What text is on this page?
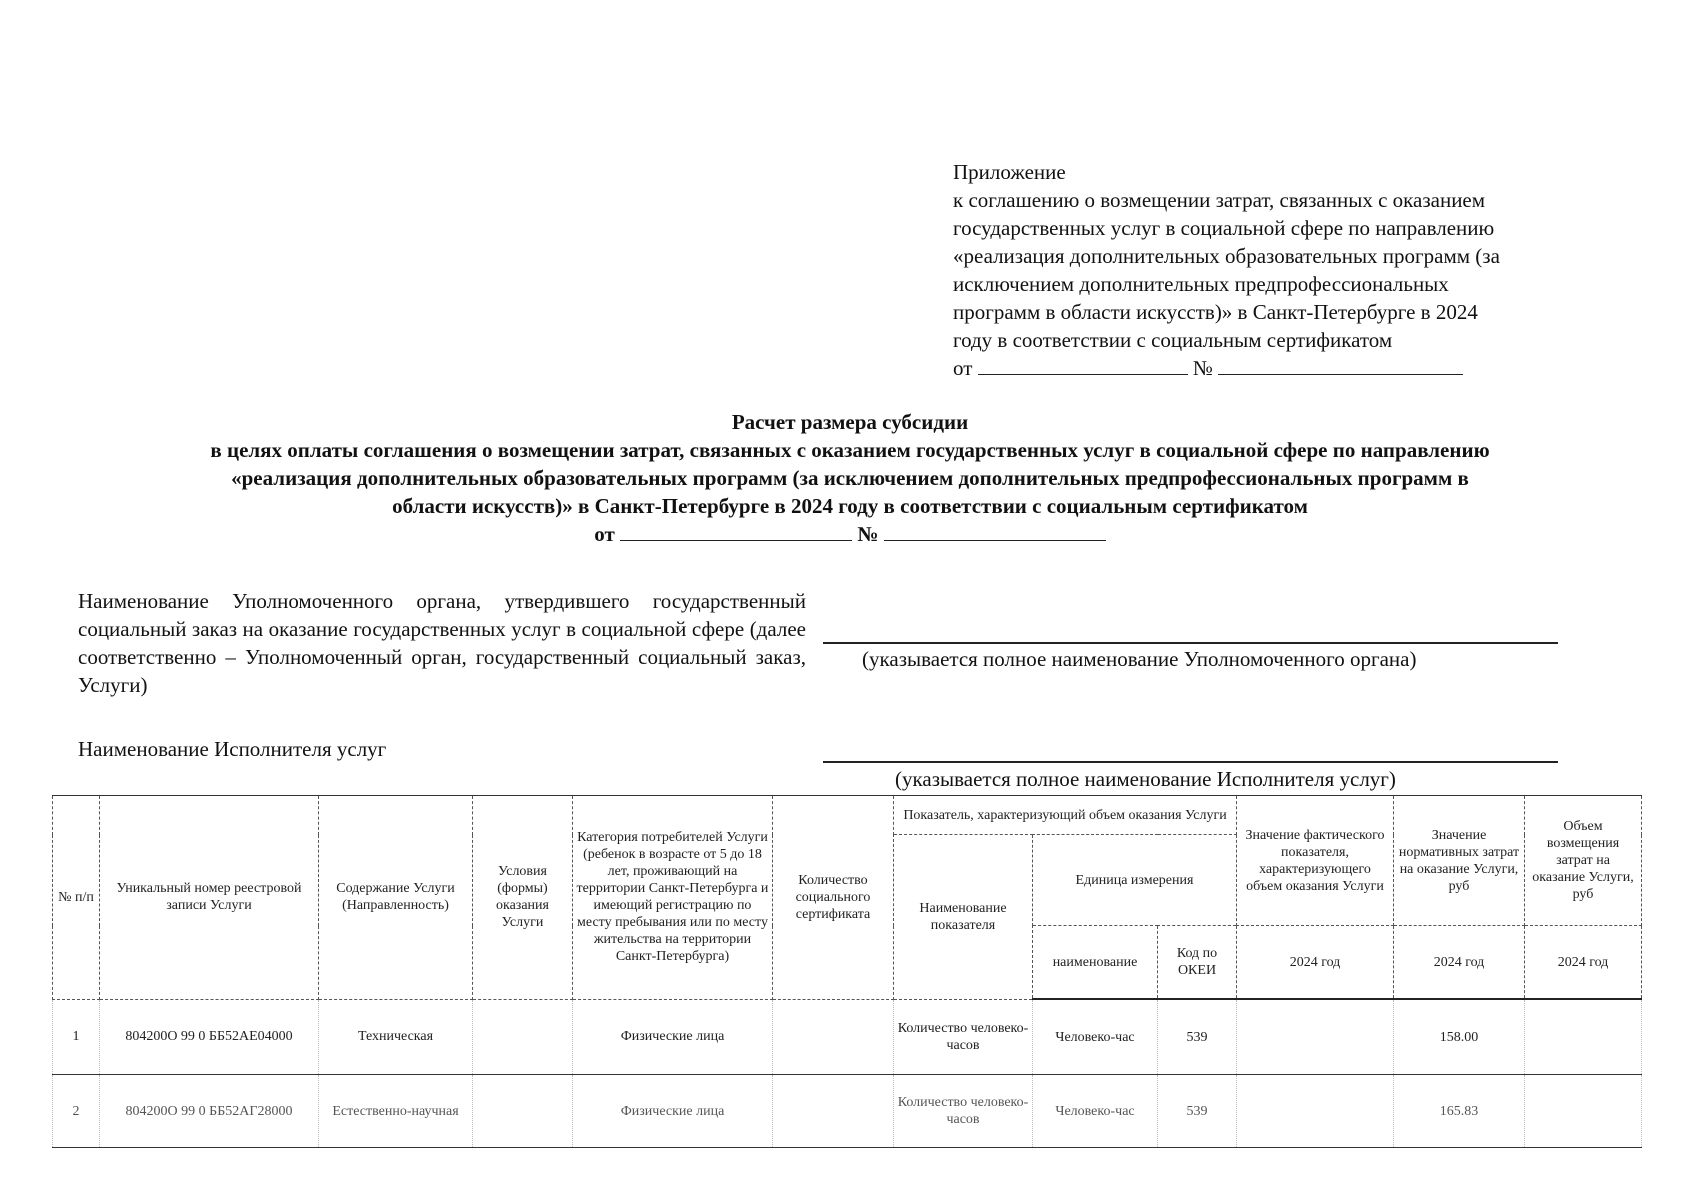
Приложение
к соглашению о возмещении затрат, связанных с оказанием
государственных услуг в социальной сфере по направлению
«реализация дополнительных образовательных программ (за
исключением дополнительных предпрофессиональных
программ в области искусств)» в Санкт-Петербурге в 2024
году в соответствии с социальным сертификатом
от	№
Расчет размера субсидии
в целях оплаты соглашения о возмещении затрат, связанных с оказанием государственных услуг в социальной сфере по направлению
«реализация дополнительных образовательных программ (за исключением дополнительных предпрофессиональных программ в
области искусств)» в Санкт-Петербурге в 2024 году в соответствии с социальным сертификатом
от	№
Наименование Уполномоченного органа, утвердившего государственный социальный заказ на оказание государственных услуг в социальной сфере (далее соответственно – Уполномоченный орган, государственный социальный заказ, Услуги)
(указывается полное наименование Уполномоченного органа)
Наименование Исполнителя услуг
(указывается полное наименование Исполнителя услуг)
№ п/п	Уникальный номер реестровой записи Услуги	Содержание Услуги (Направленность)	Условия (формы) оказания Услуги	Категория потребителей Услуги (ребенок в возрасте от 5 до 18 лет, проживающий на территории Санкт-Петербурга и имеющий регистрацию по месту пребывания или по месту жительства на территории Санкт-Петербурга)	Количество социального сертификата	Показатель, характеризующий объем оказания Услуги			Значение фактического показателя, характеризующего объем оказания Услуги	Значение нормативных затрат на оказание Услуги, руб	Объем возмещения затрат на оказание Услуги, руб
						Наименование показателя	Единица измерения				
							наименование	Код по ОКЕИ	2024 год	2024 год	2024 год
1	804200О 99 0 ББ52АЕ04000	Техническая		Физические лица		Количество человеко-часов	Человеко-час	539		158.00	
2	804200О 99 0 ББ52АГ28000	Естественно-научная		Физические лица		Количество человеко-часов	Человеко-час	539		165.83	
